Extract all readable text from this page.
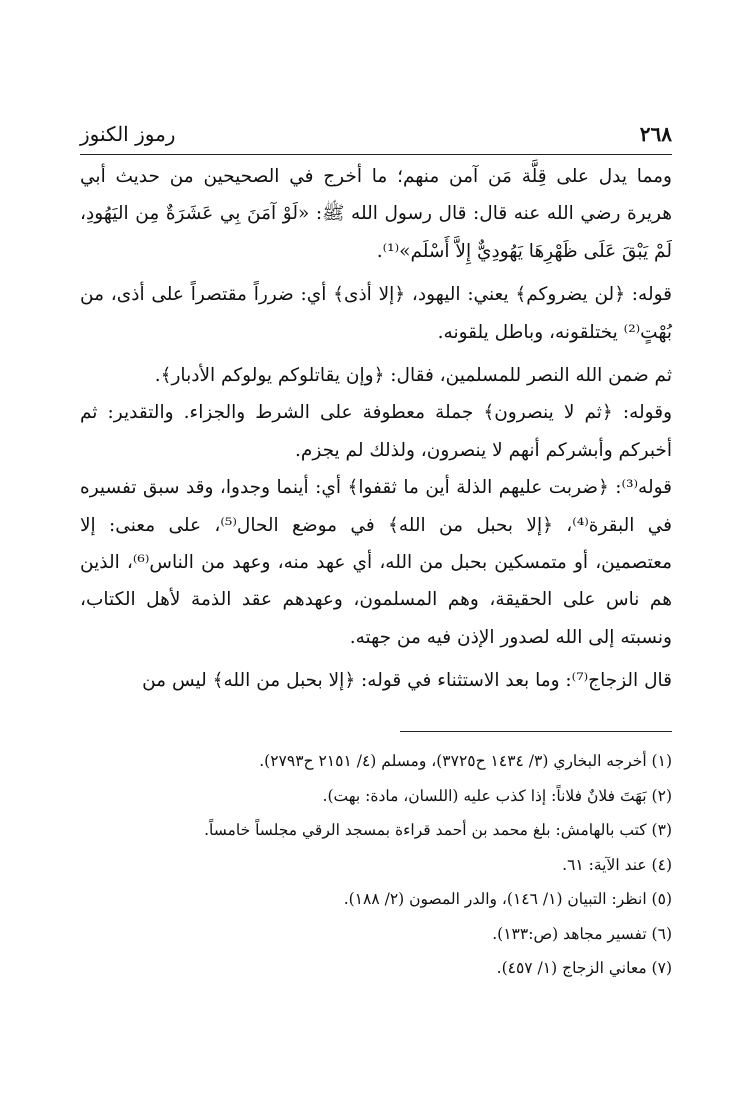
٢٦٨
رموز الكنوز

ومما يدل على قِلَّة مَن آمن منهم؛ ما أخرج في الصحيحين من حديث أبي هريرة رضي الله عنه قال: قال رسول الله ﷺ: «لَوْ آمَنَ بِي عَشَرَةٌ مِن اليَهُودِ، لَمْ يَبْقَ عَلَى ظَهْرِهَا يَهُودِيٌّ إِلاَّ أَسْلَم»⁽¹⁾.

قوله: ﴿لن يضروكم﴾ يعني: اليهود، ﴿إلا أذى﴾ أي: ضرراً مقتصراً على أذى، من بُهْتٍ⁽²⁾ يختلقونه، وباطل يلقونه.

ثم ضمن الله النصر للمسلمين، فقال: ﴿وإن يقاتلوكم يولوكم الأدبار﴾.

وقوله: ﴿ثم لا ينصرون﴾ جملة معطوفة على الشرط والجزاء. والتقدير: ثم أخبركم وأبشركم أنهم لا ينصرون، ولذلك لم يجزم.

قوله⁽³⁾: ﴿ضربت عليهم الذلة أين ما ثقفوا﴾ أي: أينما وجدوا، وقد سبق تفسيره في البقرة⁽⁴⁾، ﴿إلا بحبل من الله﴾ في موضع الحال⁽⁵⁾، على معنى: إلا معتصمين، أو متمسكين بحبل من الله، أي عهد منه، وعهد من الناس⁽⁶⁾، الذين هم ناس على الحقيقة، وهم المسلمون، وعهدهم عقد الذمة لأهل الكتاب، ونسبته إلى الله لصدور الإذن فيه من جهته.

قال الزجاج⁽⁷⁾: وما بعد الاستثناء في قوله: ﴿إلا بحبل من الله﴾ ليس من

(١) أخرجه البخاري (٣/ ١٤٣٤ ح٣٧٢٥)، ومسلم (٤/ ٢١٥١ ح٢٧٩٣).
(٢) بَهَتَ فلانٌ فلاناً: إذا كذب عليه (اللسان، مادة: بهت).
(٣) كتب بالهامش: بلغ محمد بن أحمد قراءة بمسجد الرقي مجلساً خامساً.
(٤) عند الآية: ٦١.
(٥) انظر: التبيان (١/ ١٤٦)، والدر المصون (٢/ ١٨٨).
(٦) تفسير مجاهد (ص:١٣٣).
(٧) معاني الزجاج (١/ ٤٥٧).
